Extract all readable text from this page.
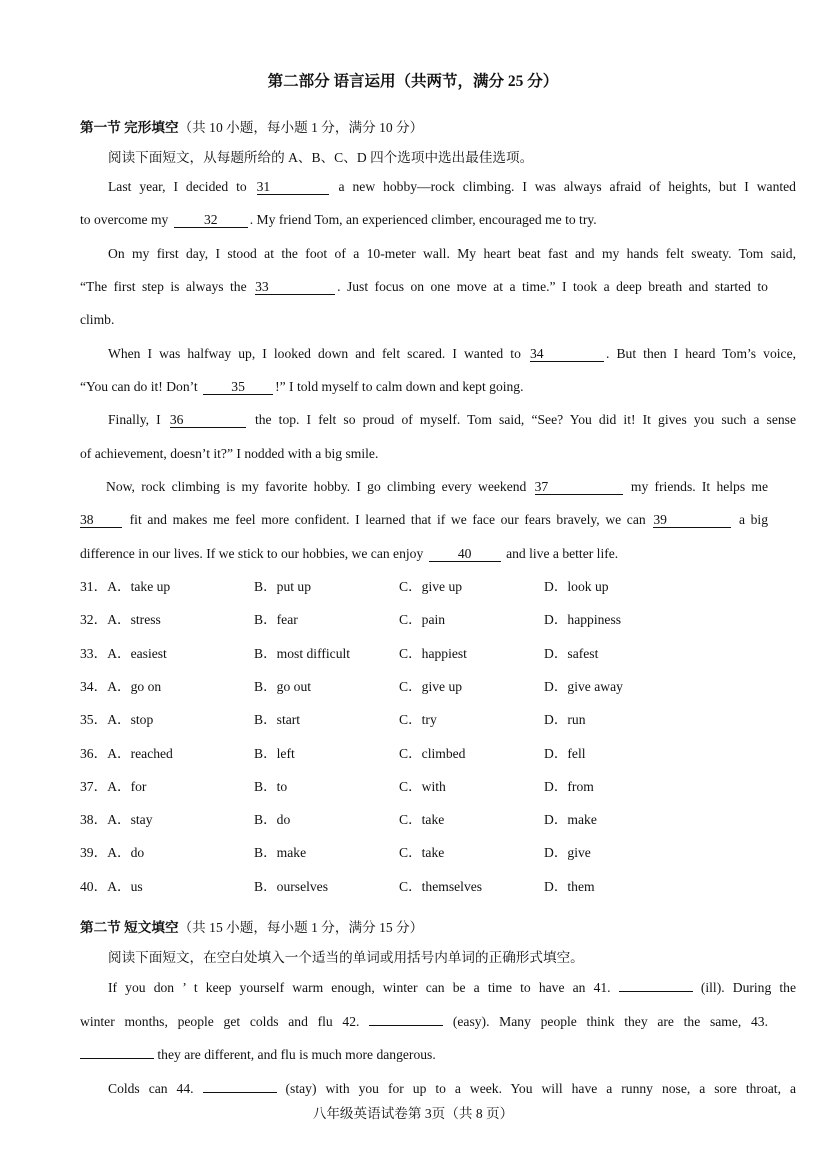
第二部分 语言运用（共两节，满分 25 分）
第一节 完形填空（共 10 小题，每小题 1 分，满分 10 分）
阅读下面短文，从每题所给的 A、B、C、D 四个选项中选出最佳选项。
Last year, I decided to 31	a new hobby—rock climbing. I was always afraid of heights, but I wanted
to overcome my	32 . My friend Tom, an experienced climber, encouraged me to try.
On my first day, I stood at the foot of a 10-meter wall. My heart beat fast and my hands felt sweaty. Tom said,
“The first step is always the 33	. Just focus on one move at a time.” I took a deep breath and started to
climb.
When I was halfway up, I looked down and felt scared. I wanted to 34	. But then I heard Tom’s voice,
“You can do it! Don’t 35 !” I told myself to calm down and kept going.
Finally, I 36	the top. I felt so proud of myself. Tom said, “See? You did it! It gives you such a sense
of achievement, doesn’t it?” I nodded with a big smile.
Now, rock climbing is my favorite hobby. I go climbing every weekend 37	my friends. It helps me
38	fit and makes me feel more confident. I learned that if we face our fears bravely, we can 39	a big
difference in our lives. If we stick to our hobbies, we can enjoy	40	and live a better life.
31．A．take up	B．put up	C．give up	D．look up
32．A．stress	B．fear	C．pain	D．happiness
33．A．easiest	B．most difficult	C．happiest	D．safest
34．A．go on	B．go out	C．give up	D．give away
35．A．stop	B．start	C．try	D．run
36．A．reached	B．left	C．climbed	D．fell
37．A．for	B．to	C．with	D．from
38．A．stay	B．do	C．take	D．make
39．A．do	B．make	C．take	D．give
40．A．us	B．ourselves	C．themselves	D．them
第二节 短文填空（共 15 小题，每小题 1 分，满分 15 分）
阅读下面短文，在空白处填入一个适当的单词或用括号内单词的正确形式填空。
If you don ’ t keep yourself warm enough, winter can be a time to have an 41.	(ill). During the
winter months, people get colds and flu 42.	(easy). Many people think they are the same, 43.
they are different, and flu is much more dangerous.
Colds can 44.	(stay) with you for up to a week. You will have a runny nose, a sore throat, a
八年级英语试卷第 3页（共 8 页）
